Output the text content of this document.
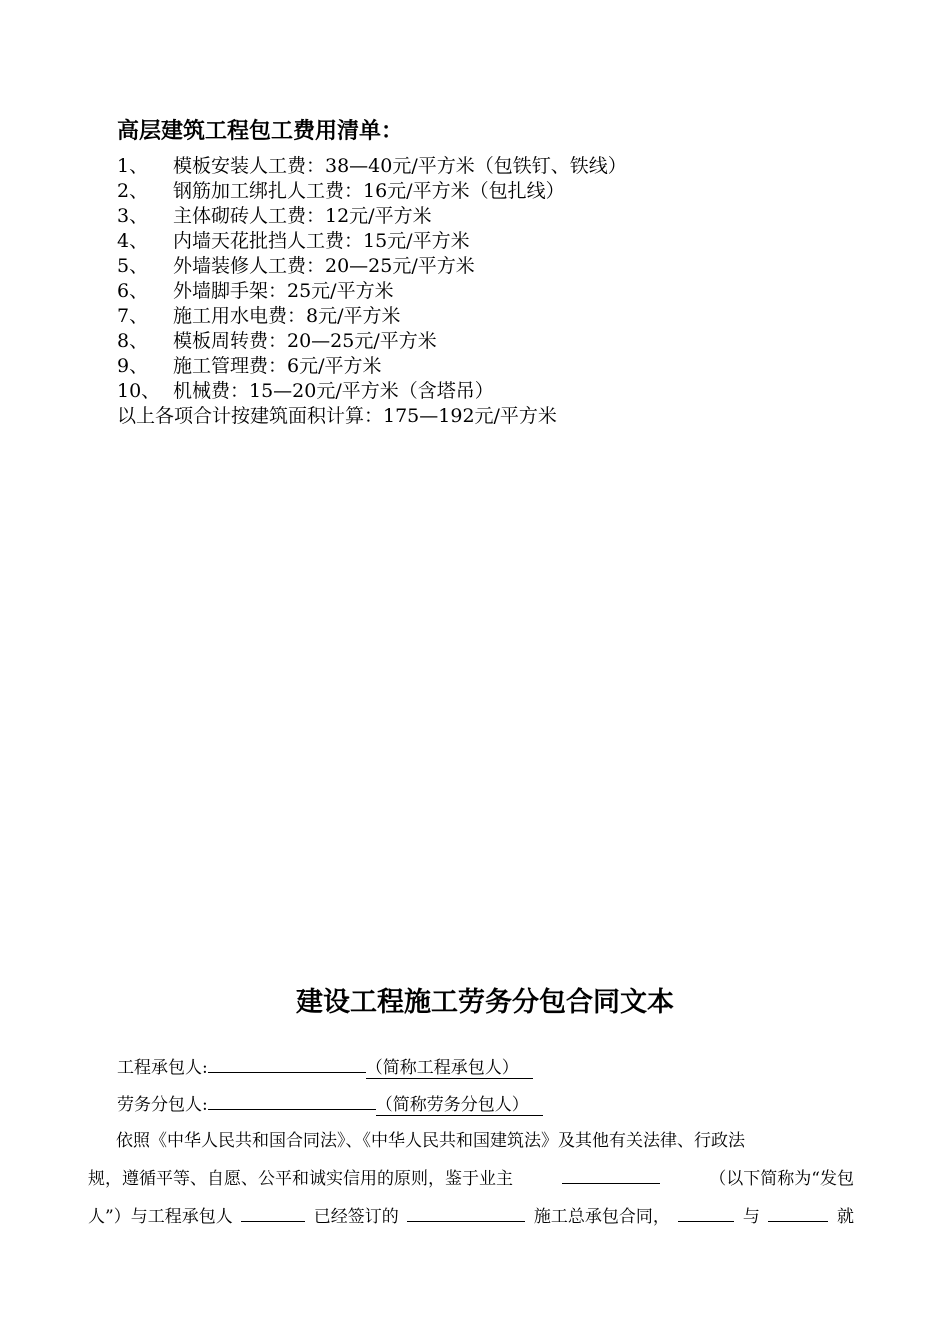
高层建筑工程包工费用清单：
1、	模板安装人工费：38—40元/平方米（包铁钉、铁线）
2、	钢筋加工绑扎人工费：16元/平方米（包扎线）
3、	主体砌砖人工费：12元/平方米
4、	内墙天花批挡人工费：15元/平方米
5、	外墙装修人工费：20—25元/平方米
6、	外墙脚手架：25元/平方米
7、	施工用水电费：8元/平方米
8、	模板周转费：20—25元/平方米
9、	施工管理费：6元/平方米
10、 机械费：15—20元/平方米（含塔吊）
以上各项合计按建筑面积计算：175—192元/平方米
建设工程施工劳务分包合同文本
工程承包人:	（简称工程承包人）
劳务分包人:	（简称劳务分包人）
依照《中华人民共和国合同法》、《中华人民共和国建筑法》及其他有关法律、行政法
规，遵循平等、自愿、公平和诚实信用的原则，鉴于业主	（以下简称为“发包
人”）与工程承包人	已经签订的	施工总承包合同，	与	就
